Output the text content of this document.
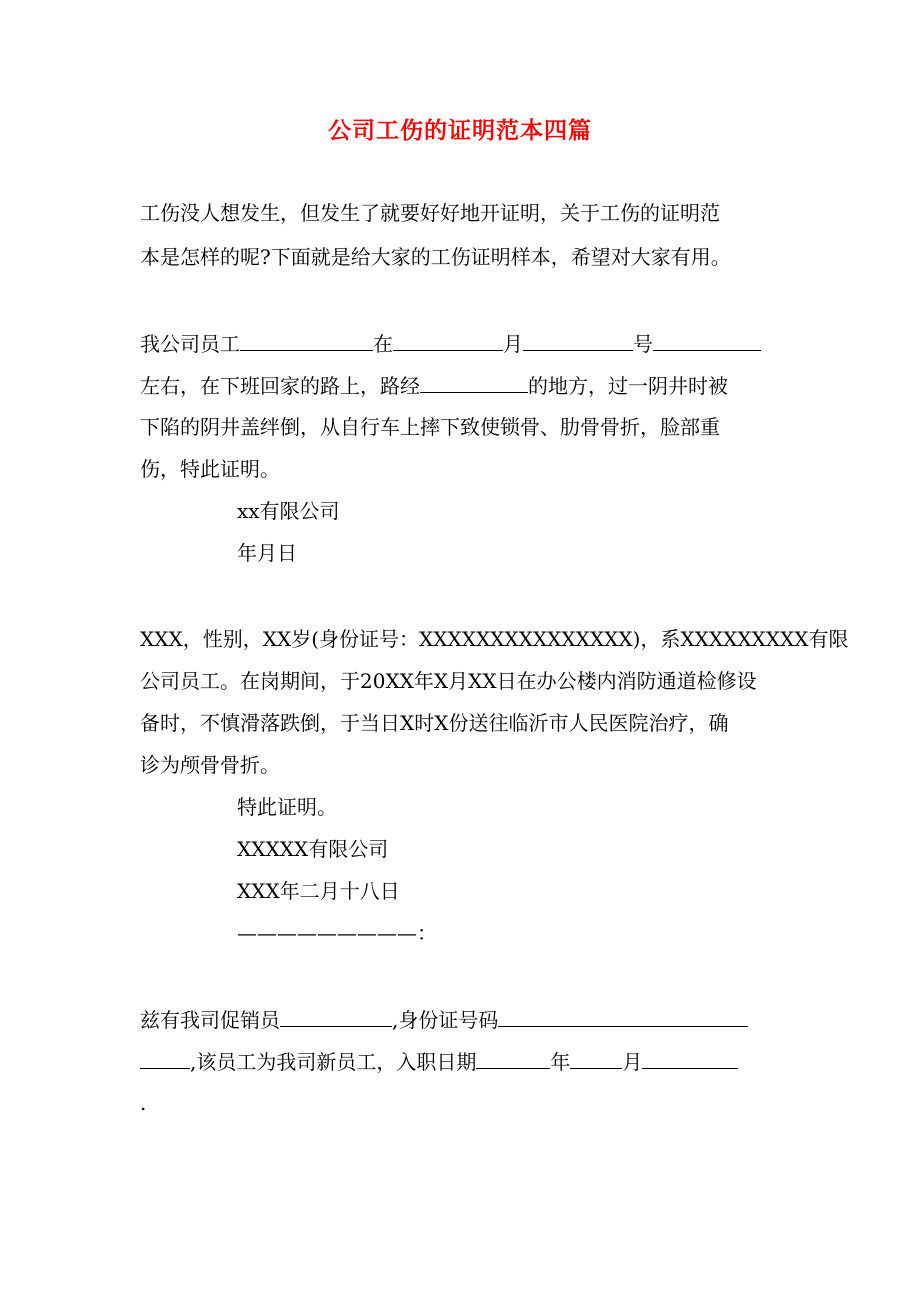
公司工伤的证明范本四篇
工伤没人想发生，但发生了就要好好地开证明，关于工伤的证明范
本是怎样的呢?下面就是给大家的工伤证明样本，希望对大家有用。
我公司员工	在	月	号
左右，在下班回家的路上，路经	的地方，过一阴井时被
下陷的阴井盖绊倒，从自行车上摔下致使锁骨、肋骨骨折，脸部重
伤，特此证明。
xx有限公司
年月日
XXX，性别，XX岁(身份证号：XXXXXXXXXXXXXXX)，系XXXXXXXXX有限
公司员工。在岗期间，于20XX年X月XX日在办公楼内消防通道检修设
备时，不慎滑落跌倒，于当日X时X份送往临沂市人民医院治疗，确
诊为颅骨骨折。
特此证明。
XXXXX有限公司
XXX年二月十八日
—————————：
兹有我司促销员	,身份证号码
,该员工为我司新员工，入职日期	年	月
.
